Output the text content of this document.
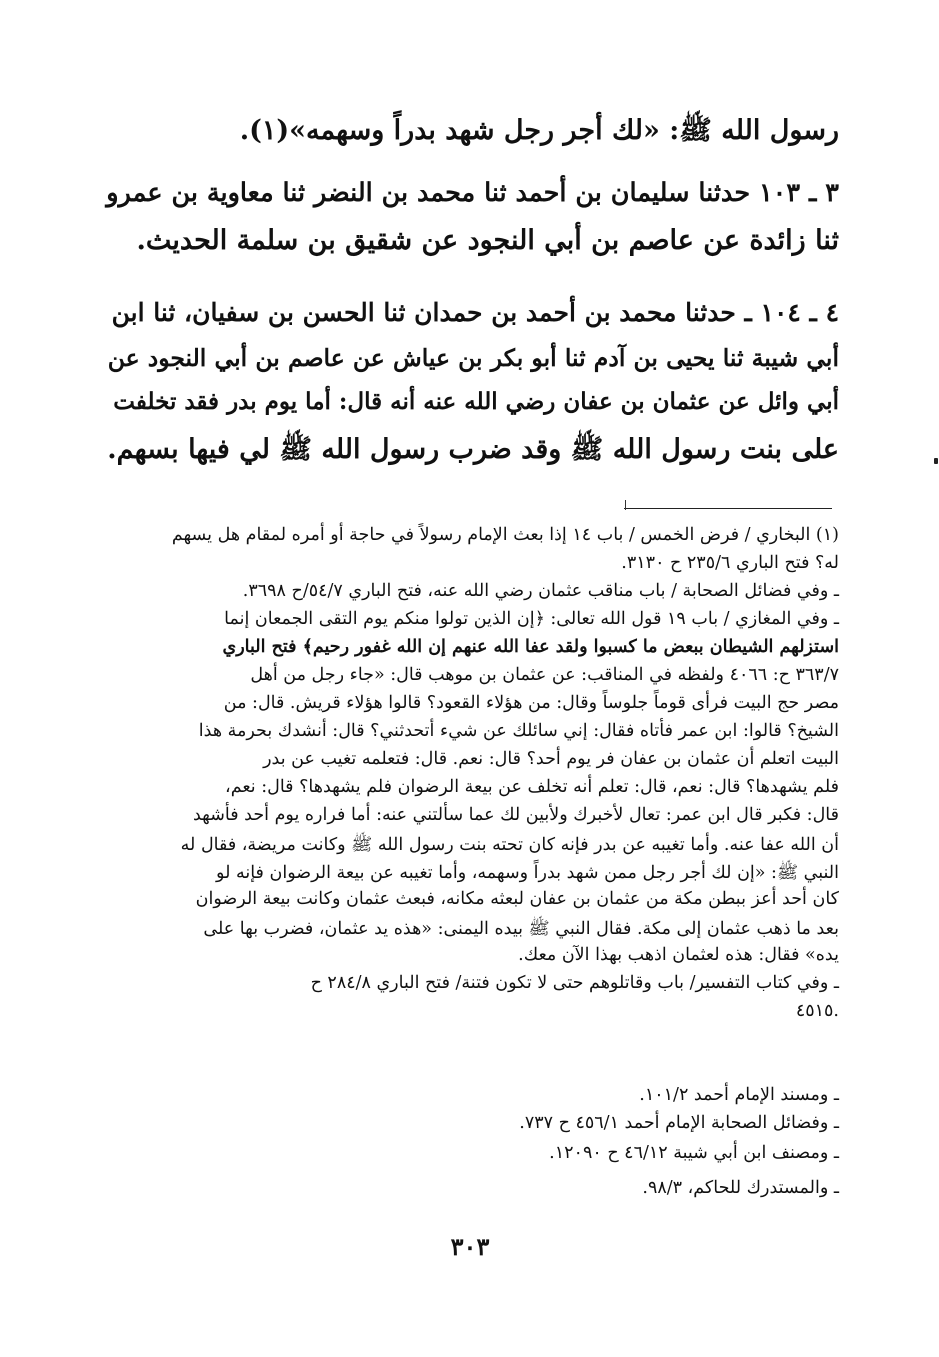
رسول الله ﷺ: «لك أجر رجل شهد بدراً وسهمه»(١).
٣ ـ ١٠٣ حدثنا سليمان بن أحمد ثنا محمد بن النضر ثنا معاوية بن عمرو
ثنا زائدة عن عاصم بن أبي النجود عن شقيق بن سلمة الحديث.
٤ ـ ١٠٤ ـ حدثنا محمد بن أحمد بن حمدان ثنا الحسن بن سفيان، ثنا ابن
أبي شيبة ثنا يحيى بن آدم ثنا أبو بكر بن عياش عن عاصم بن أبي النجود عن
أبي وائل عن عثمان بن عفان رضي الله عنه أنه قال: أما يوم بدر فقد تخلفت
على بنت رسول الله ﷺ وقد ضرب رسول الله ﷺ لي فيها بسهم.
(١) البخاري / فرض الخمس / باب ١٤ إذا بعث الإمام رسولاً في حاجة أو أمره لمقام هل يسهم
له؟ فتح الباري ٢٣٥/٦ ح ٣١٣٠.
ـ وفي فضائل الصحابة / باب مناقب عثمان رضي الله عنه، فتح الباري ٥٤/٧/ح ٣٦٩٨.
ـ وفي المغازي / باب ١٩ قول الله تعالى: ﴿إن الذين تولوا منكم يوم التقى الجمعان إنما
استزلهم الشيطان ببعض ما كسبوا ولقد عفا الله عنهم إن الله غفور رحيم﴾ فتح الباري
٣٦٣/٧ ح: ٤٠٦٦ ولفظه في المناقب: عن عثمان بن موهب قال: «جاء رجل من أهل
مصر حج البيت فرأى قوماً جلوساً وقال: من هؤلاء القعود؟ قالوا هؤلاء قريش. قال: من
الشيخ؟ قالوا: ابن عمر فأتاه فقال: إني سائلك عن شيء أتحدثني؟ قال: أنشدك بحرمة هذا
البيت اتعلم أن عثمان بن عفان فر يوم أحد؟ قال: نعم. قال: فتعلمه تغيب عن بدر
فلم يشهدها؟ قال: نعم، قال: تعلم أنه تخلف عن بيعة الرضوان فلم يشهدها؟ قال: نعم،
قال: فكبر قال ابن عمر: تعال لأخبرك ولأبين لك عما سألتني عنه: أما فراره يوم أحد فأشهد
أن الله عفا عنه. وأما تغيبه عن بدر فإنه كان تحته بنت رسول الله ﷺ وكانت مريضة، فقال له
النبي ﷺ: «إن لك أجر رجل ممن شهد بدراً وسهمه، وأما تغيبه عن بيعة الرضوان فإنه لو
كان أحد أعز ببطن مكة من عثمان بن عفان لبعثه مكانه، فبعث عثمان وكانت بيعة الرضوان
بعد ما ذهب عثمان إلى مكة. فقال النبي ﷺ بيده اليمنى: «هذه يد عثمان، فضرب بها على
يده» فقال: هذه لعثمان اذهب بهذا الآن معك.
ـ وفي كتاب التفسير/ باب وقاتلوهم حتى لا تكون فتنة/ فتح الباري ٢٨٤/٨ ح
٤٥١٥.
ـ ومسند الإمام أحمد ١٠١/٢.
ـ وفضائل الصحابة الإمام أحمد ٤٥٦/١ ح ٧٣٧.
ـ ومصنف ابن أبي شيبة ٤٦/١٢ ح ١٢٠٩٠.
ـ والمستدرك للحاكم، ٩٨/٣.
٣٠٣
